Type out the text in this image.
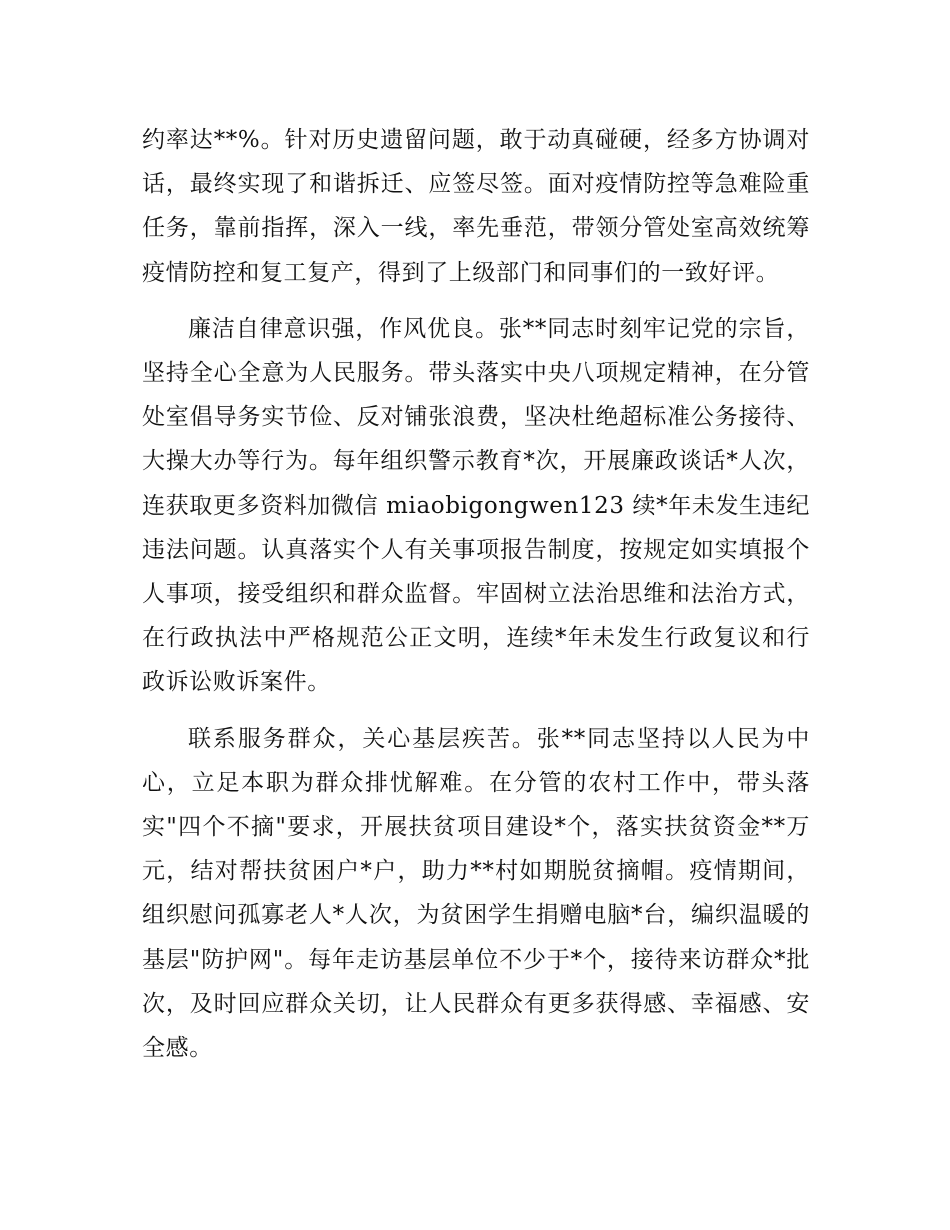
约率达**%。针对历史遗留问题，敢于动真碰硬，经多方协调对话，最终实现了和谐拆迁、应签尽签。面对疫情防控等急难险重任务，靠前指挥，深入一线，率先垂范，带领分管处室高效统筹疫情防控和复工复产，得到了上级部门和同事们的一致好评。

廉洁自律意识强，作风优良。张**同志时刻牢记党的宗旨，坚持全心全意为人民服务。带头落实中央八项规定精神，在分管处室倡导务实节俭、反对铺张浪费，坚决杜绝超标准公务接待、大操大办等行为。每年组织警示教育*次，开展廉政谈话*人次，连获取更多资料加微信 miaobigongwen123 续*年未发生违纪违法问题。认真落实个人有关事项报告制度，按规定如实填报个人事项，接受组织和群众监督。牢固树立法治思维和法治方式，在行政执法中严格规范公正文明，连续*年未发生行政复议和行政诉讼败诉案件。

联系服务群众，关心基层疾苦。张**同志坚持以人民为中心，立足本职为群众排忧解难。在分管的农村工作中，带头落实"四个不摘"要求，开展扶贫项目建设*个，落实扶贫资金**万元，结对帮扶贫困户*户，助力**村如期脱贫摘帽。疫情期间，组织慰问孤寡老人*人次，为贫困学生捐赠电脑*台，编织温暖的基层"防护网"。每年走访基层单位不少于*个，接待来访群众*批次，及时回应群众关切，让人民群众有更多获得感、幸福感、安全感。
